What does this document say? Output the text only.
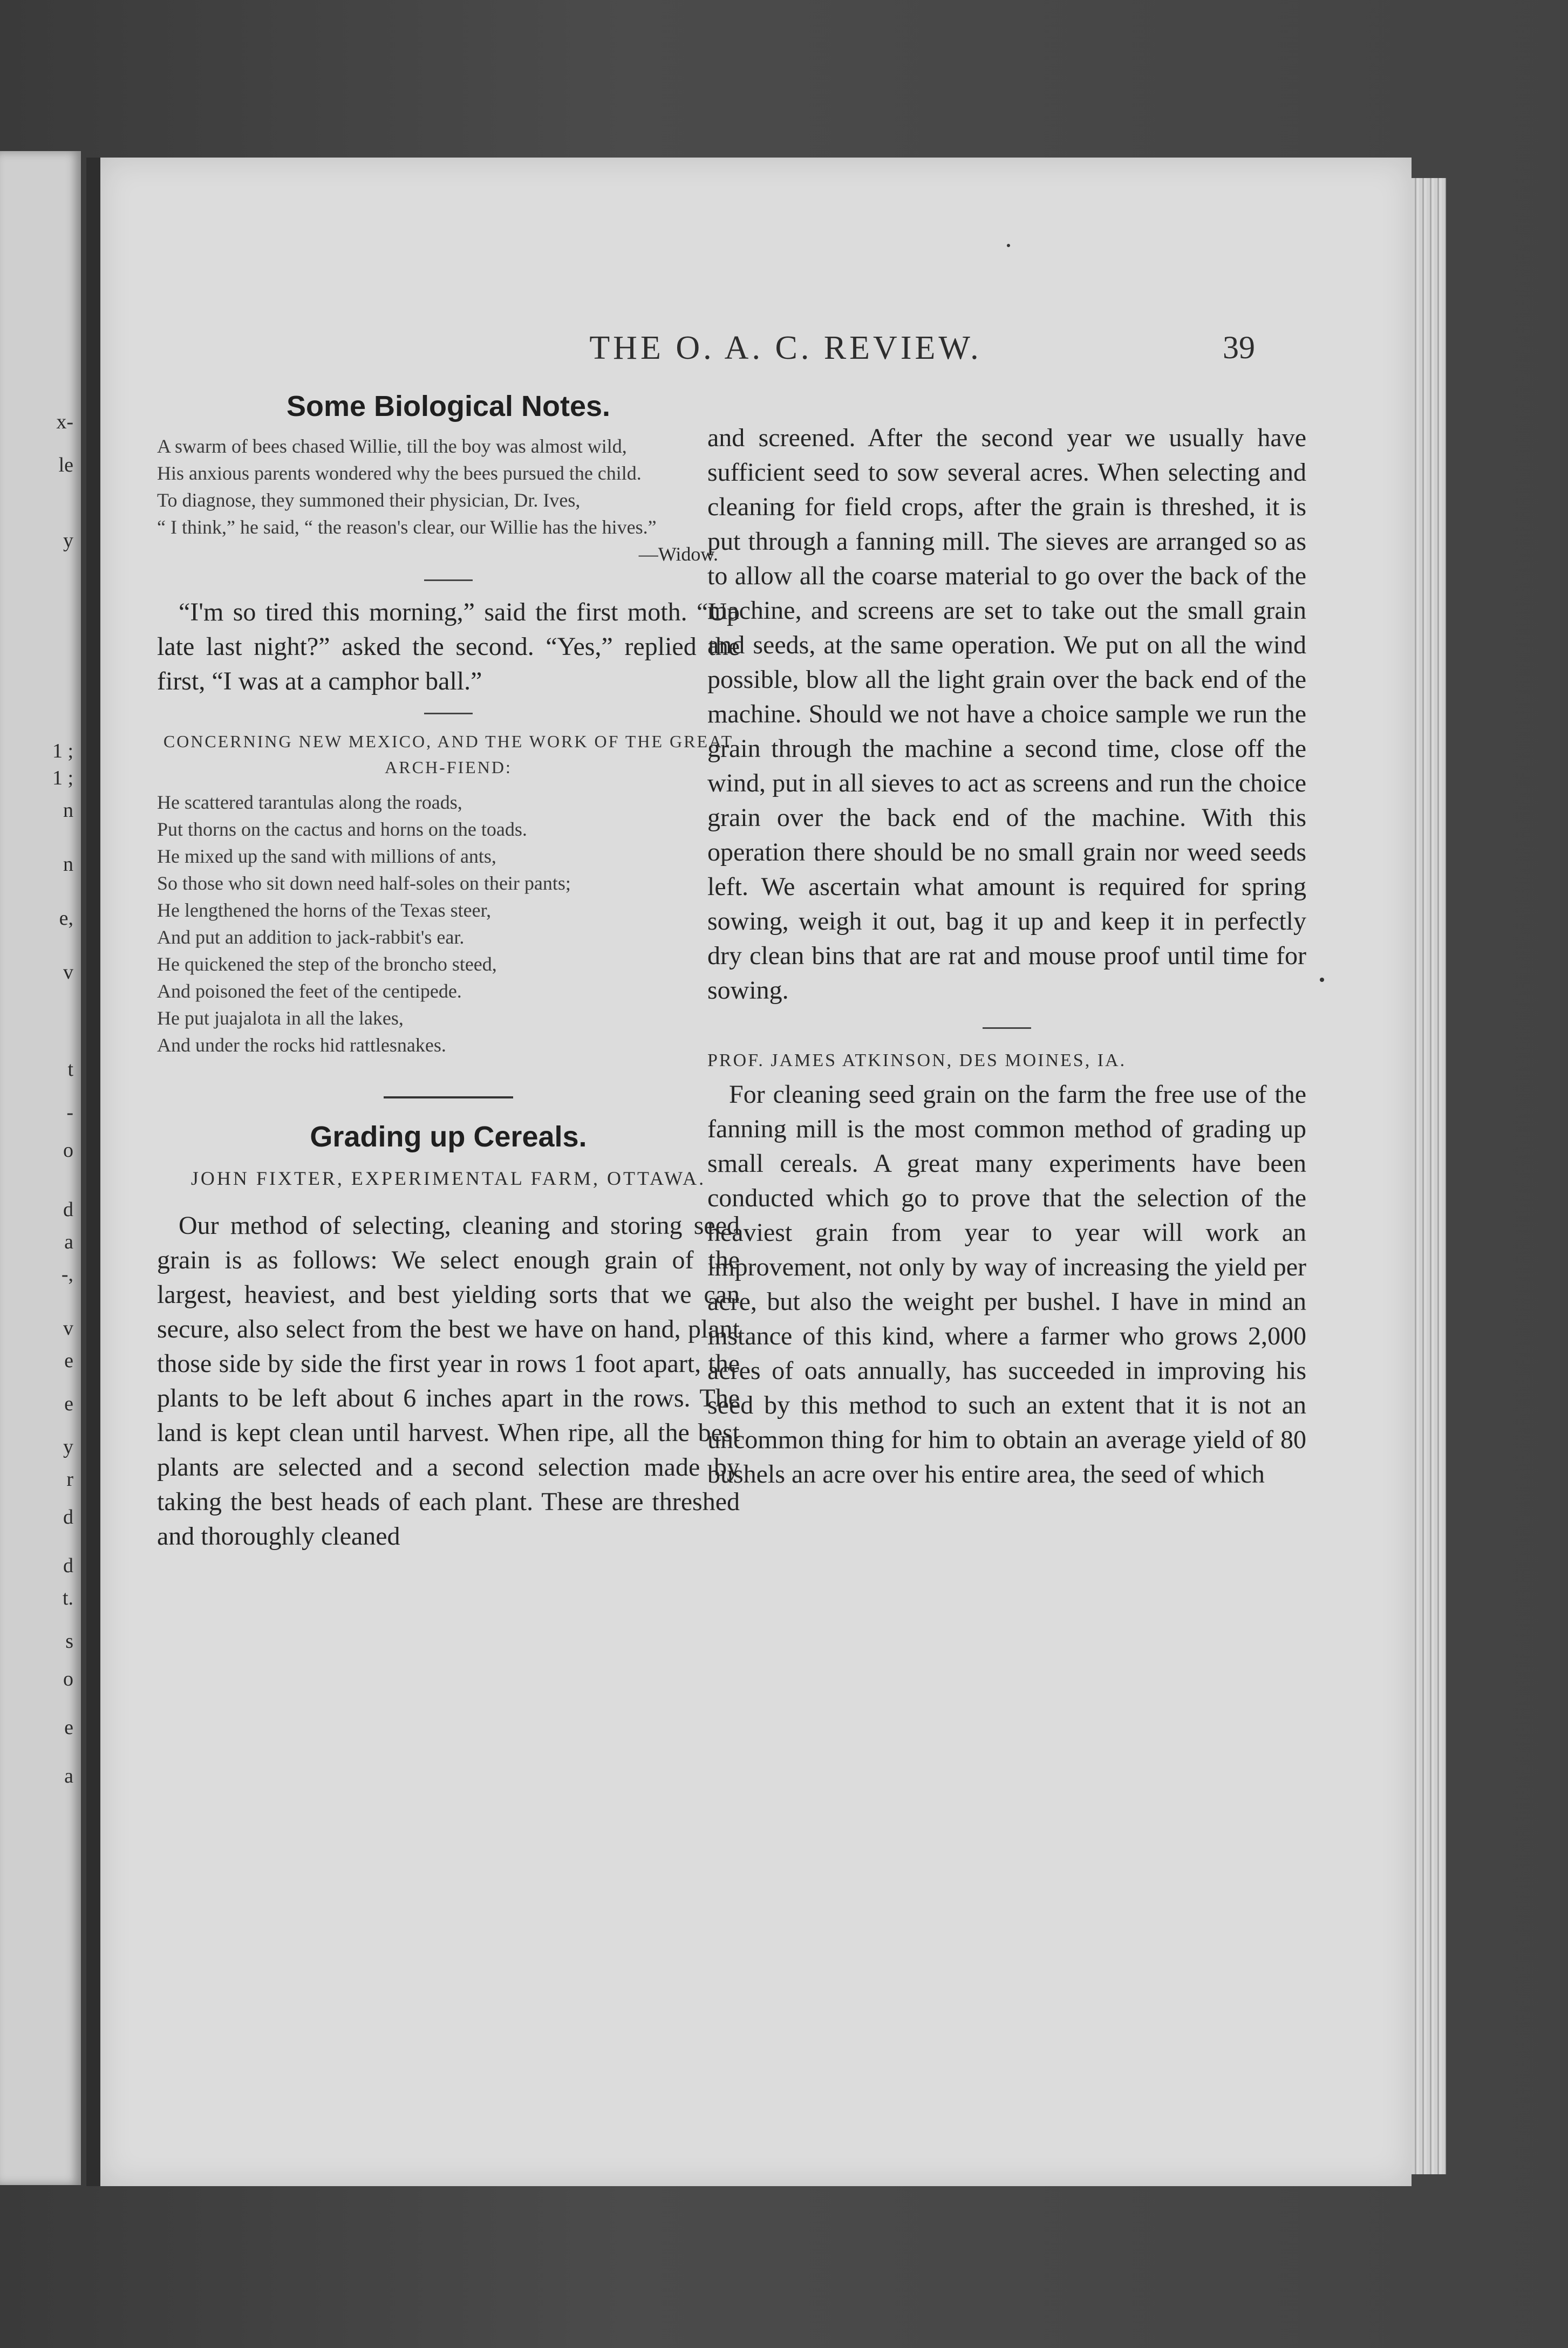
x-
le
y
1 ;
1 ;
n
n
e,
v
t
-
o
d
a
-,
v
e
e
y
r
d
d
t.
s
o
e
a
THE O. A. C. REVIEW.	39
Some Biological Notes.
A swarm of bees chased Willie, till the boy was almost wild,
His anxious parents wondered why the bees pursued the child.
To diagnose, they summoned their physician, Dr. Ives,
“ I think,” he said, “ the reason's clear, our Willie has the hives.”
—Widow.

“I'm so tired this morning,” said the first moth. “Up late last night?” asked the second. “Yes,” replied the first, “I was at a camphor ball.”

CONCERNING NEW MEXICO, AND THE WORK OF THE GREAT ARCH-FIEND:
He scattered tarantulas along the roads,
Put thorns on the cactus and horns on the toads.
He mixed up the sand with millions of ants,
So those who sit down need half-soles on their pants;
He lengthened the horns of the Texas steer,
And put an addition to jack-rabbit's ear.
He quickened the step of the broncho steed,
And poisoned the feet of the centipede.
He put juajalota in all the lakes,
And under the rocks hid rattlesnakes.
Grading up Cereals.
JOHN FIXTER, EXPERIMENTAL FARM, OTTAWA.

Our method of selecting, cleaning and storing seed grain is as follows: We select enough grain of the largest, heaviest, and best yielding sorts that we can secure, also select from the best we have on hand, plant those side by side the first year in rows 1 foot apart, the plants to be left about 6 inches apart in the rows. The land is kept clean until harvest. When ripe, all the best plants are selected and a second selection made by taking the best heads of each plant. These are threshed and thoroughly cleaned

and screened. After the second year we usually have sufficient seed to sow several acres. When selecting and cleaning for field crops, after the grain is threshed, it is put through a fanning mill. The sieves are arranged so as to allow all the coarse material to go over the back of the machine, and screens are set to take out the small grain and seeds, at the same operation. We put on all the wind possible, blow all the light grain over the back end of the machine. Should we not have a choice sample we run the grain through the machine a second time, close off the wind, put in all sieves to act as screens and run the choice grain over the back end of the machine. With this operation there should be no small grain nor weed seeds left. We ascertain what amount is required for spring sowing, weigh it out, bag it up and keep it in perfectly dry clean bins that are rat and mouse proof until time for sowing.

PROF. JAMES ATKINSON, DES MOINES, IA.

For cleaning seed grain on the farm the free use of the fanning mill is the most common method of grading up small cereals. A great many experiments have been conducted which go to prove that the selection of the heaviest grain from year to year will work an improvement, not only by way of increasing the yield per acre, but also the weight per bushel. I have in mind an instance of this kind, where a farmer who grows 2,000 acres of oats annually, has succeeded in improving his seed by this method to such an extent that it is not an uncommon thing for him to obtain an average yield of 80 bushels an acre over his entire area, the seed of which
